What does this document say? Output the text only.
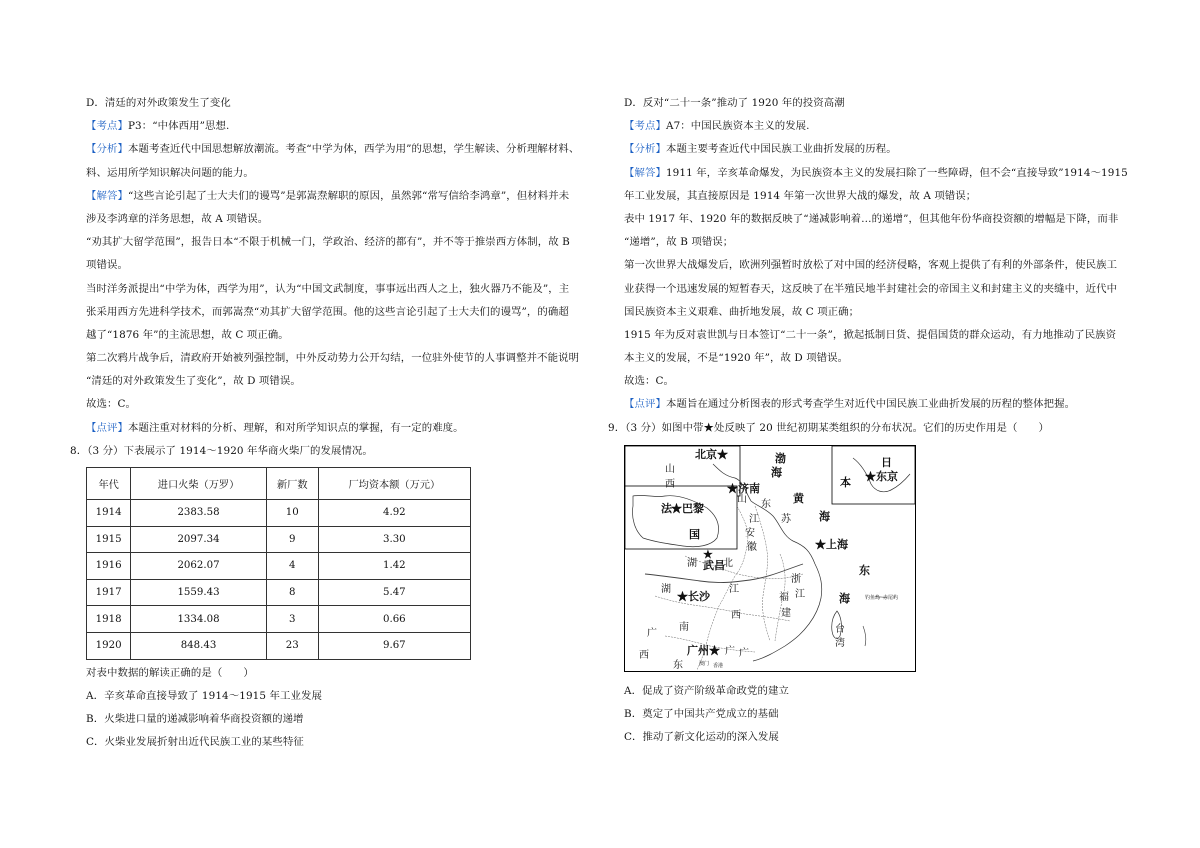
D．清廷的对外政策发生了变化
【考点】P3：“中体西用”思想.
【分析】本题考查近代中国思想解放潮流。考查“中学为体，西学为用”的思想，学生解读、分析理解材料、
料、运用所学知识解决问题的能力。
【解答】“这些言论引起了士大夫们的谩骂”是郭嵩焘解职的原因，虽然郭“常写信给李鸿章”，但材料并未
涉及李鸿章的洋务思想，故 A 项错误。
“劝其扩大留学范围”，报告日本“不限于机械一门，学政治、经济的都有”，并不等于推崇西方体制，故 B
项错误。
当时洋务派提出“中学为体，西学为用”，认为“中国文武制度，事事远出西人之上，独火器乃不能及”，主
张采用西方先进科学技术，而郭嵩焘“劝其扩大留学范围。他的这些言论引起了士大夫们的谩骂”，的确超
越了“1876 年”的主流思想，故 C 项正确。
第二次鸦片战争后，清政府开始被列强控制，中外反动势力公开勾结，一位驻外使节的人事调整并不能说明
“清廷的对外政策发生了变化”，故 D 项错误。
故选：C。
【点评】本题注重对材料的分析、理解，和对所学知识点的掌握，有一定的难度。
8．（3 分）下表展示了 1914～1920 年华商火柴厂的发展情况。
年代	进口火柴（万罗）	新厂数	厂均资本额（万元）
1914	2383.58	10	4.92
1915	2097.34	9	3.30
1916	2062.07	4	1.42
1917	1559.43	8	5.47
1918	1334.08	3	0.66
1920	848.43	23	9.67
对表中数据的解读正确的是（　　）
A．辛亥革命直接导致了 1914～1915 年工业发展
B．火柴进口量的递减影响着华商投资额的递增
C．火柴业发展折射出近代民族工业的某些特征
D．反对“二十一条”推动了 1920 年的投资高潮
【考点】A7：中国民族资本主义的发展.
【分析】本题主要考查近代中国民族工业曲折发展的历程。
【解答】1911 年，辛亥革命爆发，为民族资本主义的发展扫除了一些障碍，但不会“直接导致”1914～1915
年工业发展，其直接原因是 1914 年第一次世界大战的爆发，故 A 项错误；
表中 1917 年、1920 年的数据反映了“递减影响着…的递增”，但其他年份华商投资额的增幅是下降，而非
“递增”，故 B 项错误；
第一次世界大战爆发后，欧洲列强暂时放松了对中国的经济侵略，客观上提供了有利的外部条件，使民族工
业获得一个迅速发展的短暂春天，这反映了在半殖民地半封建社会的帝国主义和封建主义的夹缝中，近代中
国民族资本主义艰难、曲折地发展，故 C 项正确；
1915 年为反对袁世凯与日本签订“二十一条”，掀起抵制日货、提倡国货的群众运动，有力地推动了民族资
本主义的发展，不是“1920 年”，故 D 项错误。
故选：C。
【点评】本题旨在通过分析图表的形式考查学生对近代中国民族工业曲折发展的历程的整体把握。
9．（3 分）如图中带★处反映了 20 世纪初期某类组织的分布状况。它们的历史作用是（　　）
北京★	渤
海
山
西	★济南
山 东 黄
江 苏	海
安
徽
日
本 ★东京
法 ★巴黎
国
★上海
湖	北
★
武昌
浙
江
东
湖
★长沙
江
福	海
南
西	建
钓鱼岛 赤尾屿
广	台
湾
广
西	广州★
东
广
澳门 香港
A．促成了资产阶级革命政党的建立
B．奠定了中国共产党成立的基础
C．推动了新文化运动的深入发展
